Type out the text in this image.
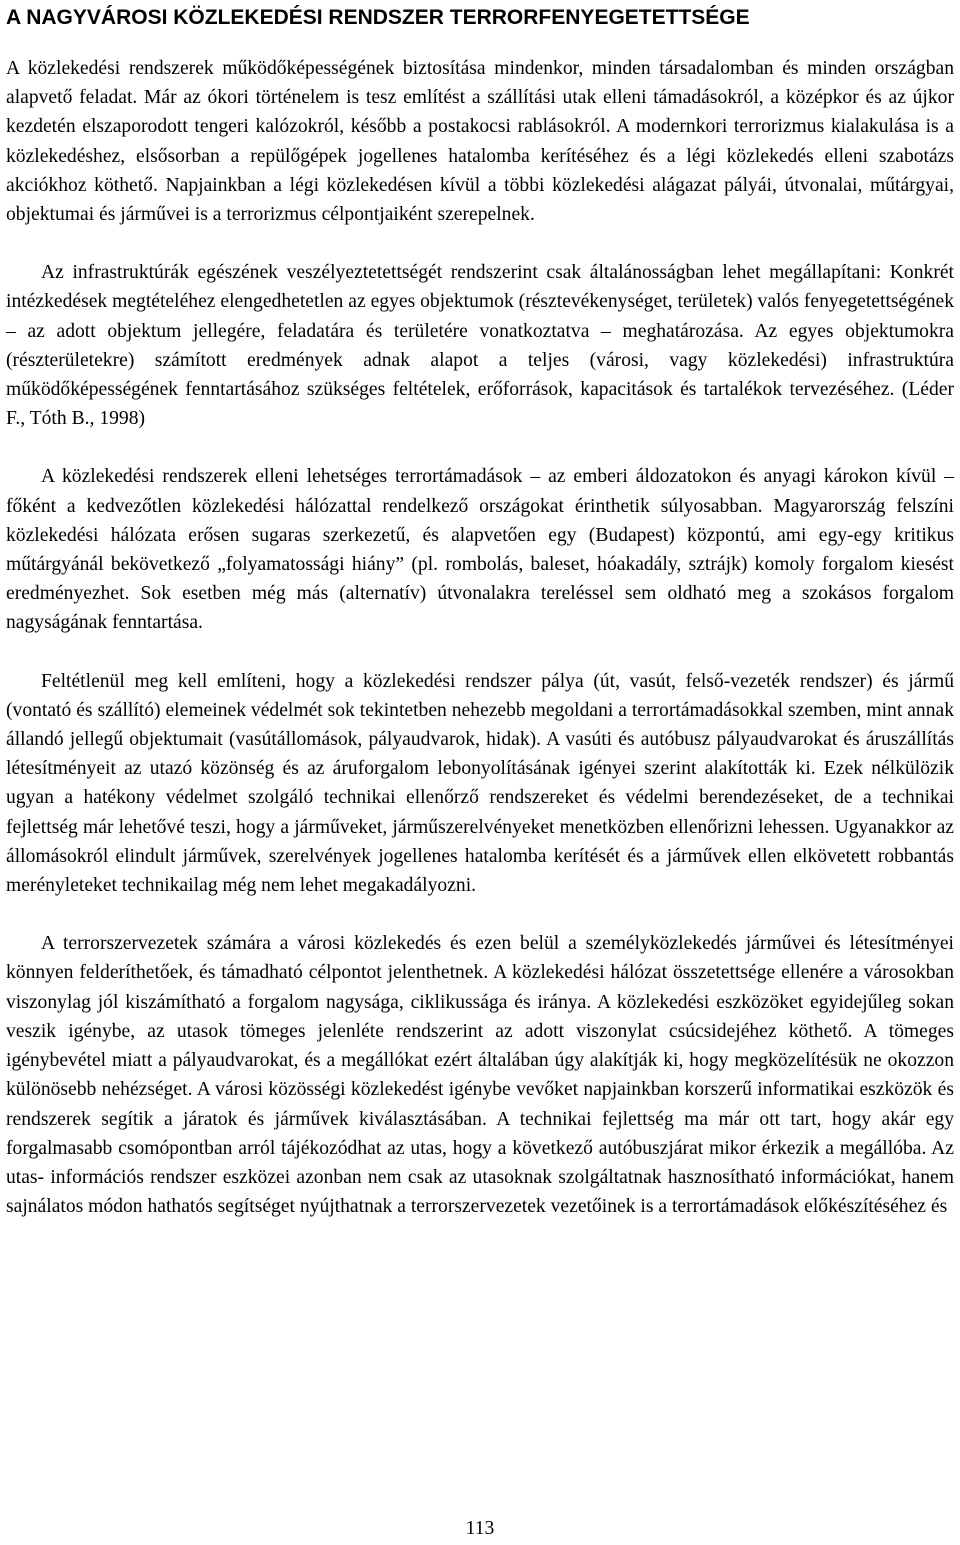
A NAGYVÁROSI KÖZLEKEDÉSI RENDSZER TERRORFENYEGETETTSÉGE

A közlekedési rendszerek működőképességének biztosítása mindenkor, minden társadalomban és minden országban alapvető feladat. Már az ókori történelem is tesz említést a szállítási utak elleni támadásokról, a középkor és az újkor kezdetén elszaporodott tengeri kalózokról, később a postakocsi rablásokról. A modernkori terrorizmus kialakulása is a közlekedéshez, elsősorban a repülőgépek jogellenes hatalomba kerítéséhez és a légi közlekedés elleni szabotázs akciókhoz köthető. Napjainkban a légi közlekedésen kívül a többi közlekedési alágazat pályái, útvonalai, műtárgyai, objektumai és járművei is a terrorizmus célpontjaiként szerepelnek.

Az infrastruktúrák egészének veszélyeztetettségét rendszerint csak általánosságban lehet megállapítani: Konkrét intézkedések megtételéhez elengedhetetlen az egyes objektumok (résztevékenységet, területek) valós fenyegetettségének – az adott objektum jellegére, feladatára és területére vonatkoztatva – meghatározása. Az egyes objektumokra (részterületekre) számított eredmények adnak alapot a teljes (városi, vagy közlekedési) infrastruktúra működőképességének fenntartásához szükséges feltételek, erőforrások, kapacitások és tartalékok tervezéséhez. (Léder F., Tóth B., 1998)

A közlekedési rendszerek elleni lehetséges terrortámadások – az emberi áldozatokon és anyagi károkon kívül – főként a kedvezőtlen közlekedési hálózattal rendelkező országokat érinthetik súlyosabban. Magyarország felszíni közlekedési hálózata erősen sugaras szerkezetű, és alapvetően egy (Budapest) központú, ami egy-egy kritikus műtárgyánál bekövetkező „folyamatossági hiány” (pl. rombolás, baleset, hóakadály, sztrájk) komoly forgalom kiesést eredményezhet. Sok esetben még más (alternatív) útvonalakra tereléssel sem oldható meg a szokásos forgalom nagyságának fenntartása.

Feltétlenül meg kell említeni, hogy a közlekedési rendszer pálya (út, vasút, felső-vezeték rendszer) és jármű (vontató és szállító) elemeinek védelmét sok tekintetben nehezebb megoldani a terrortámadásokkal szemben, mint annak állandó jellegű objektumait (vasútállomások, pályaudvarok, hidak). A vasúti és autóbusz pályaudvarokat és áruszállítás létesítményeit az utazó közönség és az áruforgalom lebonyolításának igényei szerint alakították ki. Ezek nélkülözik ugyan a hatékony védelmet szolgáló technikai ellenőrző rendszereket és védelmi berendezéseket, de a technikai fejlettség már lehetővé teszi, hogy a járműveket, járműszerelvényeket menetközben ellenőrizni lehessen. Ugyanakkor az állomásokról elindult járművek, szerelvények jogellenes hatalomba kerítését és a járművek ellen elkövetett robbantás merényleteket technikailag még nem lehet megakadályozni.

A terrorszervezetek számára a városi közlekedés és ezen belül a személyközlekedés járművei és létesítményei könnyen felderíthetőek, és támadható célpontot jelenthetnek. A közlekedési hálózat összetettsége ellenére a városokban viszonylag jól kiszámítható a forgalom nagysága, ciklikussága és iránya. A közlekedési eszközöket egyidejűleg sokan veszik igénybe, az utasok tömeges jelenléte rendszerint az adott viszonylat csúcsidejéhez köthető. A tömeges igénybevétel miatt a pályaudvarokat, és a megállókat ezért általában úgy alakítják ki, hogy megközelítésük ne okozzon különösebb nehézséget. A városi közösségi közlekedést igénybe vevőket napjainkban korszerű informatikai eszközök és rendszerek segítik a járatok és járművek kiválasztásában. A technikai fejlettség ma már ott tart, hogy akár egy forgalmasabb csomópontban arról tájékozódhat az utas, hogy a következő autóbuszjárat mikor érkezik a megállóba. Az utas- információs rendszer eszközei azonban nem csak az utasoknak szolgáltatnak hasznosítható információkat, hanem sajnálatos módon hathatós segítséget nyújthatnak a terrorszervezetek vezetőinek is a terrortámadások előkészítéséhez és

113
